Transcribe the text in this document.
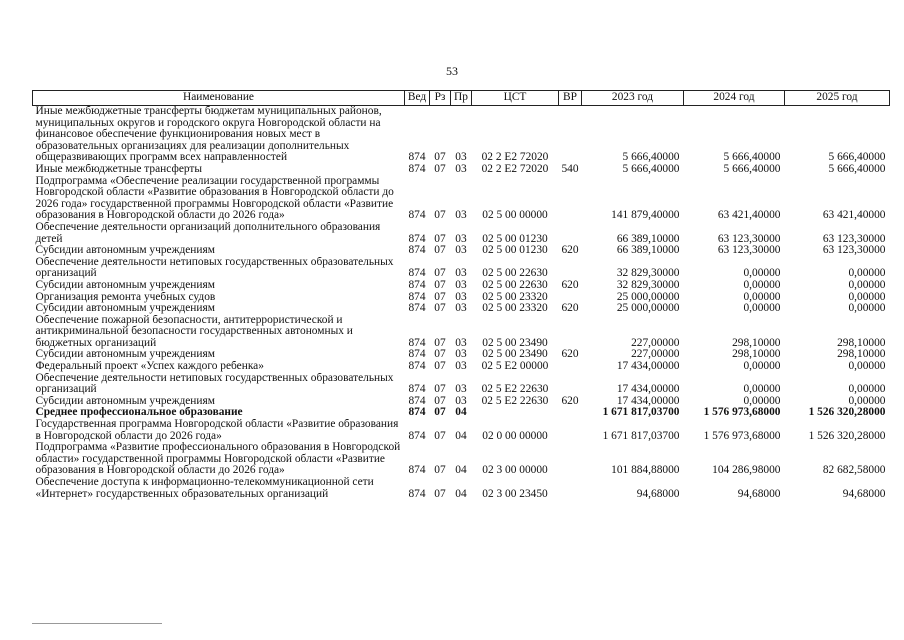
53
Наименование	Вед	Рз	Пр	ЦСТ	ВР	2023 год	2024 год	2025 год
Иные межбюджетные трансферты бюджетам муниципальных районов, муниципальных округов и городского округа Новгородской области на финансовое обеспечение функционирования новых мест в образовательных организациях для реализации дополнительных общеразвивающих программ всех направленностей	874	07	03	02 2 E2 72020		5 666,40000	5 666,40000	5 666,40000
Иные межбюджетные трансферты	874	07	03	02 2 E2 72020	540	5 666,40000	5 666,40000	5 666,40000
Подпрограмма «Обеспечение реализации государственной программы Новгородской области «Развитие образования в Новгородской области до 2026 года» государственной программы Новгородской области «Развитие образования в Новгородской области до 2026 года»	874	07	03	02 5 00 00000		141 879,40000	63 421,40000	63 421,40000
Обеспечение деятельности организаций дополнительного образования детей	874	07	03	02 5 00 01230		66 389,10000	63 123,30000	63 123,30000
Субсидии автономным учреждениям	874	07	03	02 5 00 01230	620	66 389,10000	63 123,30000	63 123,30000
Обеспечение деятельности нетиповых государственных образовательных организаций	874	07	03	02 5 00 22630		32 829,30000	0,00000	0,00000
Субсидии автономным учреждениям	874	07	03	02 5 00 22630	620	32 829,30000	0,00000	0,00000
Организация ремонта учебных судов	874	07	03	02 5 00 23320		25 000,00000	0,00000	0,00000
Субсидии автономным учреждениям	874	07	03	02 5 00 23320	620	25 000,00000	0,00000	0,00000
Обеспечение пожарной безопасности, антитеррористической и антикриминальной безопасности государственных автономных и бюджетных организаций	874	07	03	02 5 00 23490		227,00000	298,10000	298,10000
Субсидии автономным учреждениям	874	07	03	02 5 00 23490	620	227,00000	298,10000	298,10000
Федеральный проект «Успех каждого ребенка»	874	07	03	02 5 E2 00000		17 434,00000	0,00000	0,00000
Обеспечение деятельности нетиповых государственных образовательных организаций	874	07	03	02 5 E2 22630		17 434,00000	0,00000	0,00000
Субсидии автономным учреждениям	874	07	03	02 5 E2 22630	620	17 434,00000	0,00000	0,00000
Среднее профессиональное образование	874	07	04			1 671 817,03700	1 576 973,68000	1 526 320,28000
Государственная программа Новгородской области «Развитие образования в Новгородской области до 2026 года»	874	07	04	02 0 00 00000		1 671 817,03700	1 576 973,68000	1 526 320,28000
Подпрограмма «Развитие профессионального образования в Новгородской области» государственной программы Новгородской области «Развитие образования в Новгородской области до 2026 года»	874	07	04	02 3 00 00000		101 884,88000	104 286,98000	82 682,58000
Обеспечение доступа к информационно-телекоммуникационной сети «Интернет» государственных образовательных организаций	874	07	04	02 3 00 23450		94,68000	94,68000	94,68000
